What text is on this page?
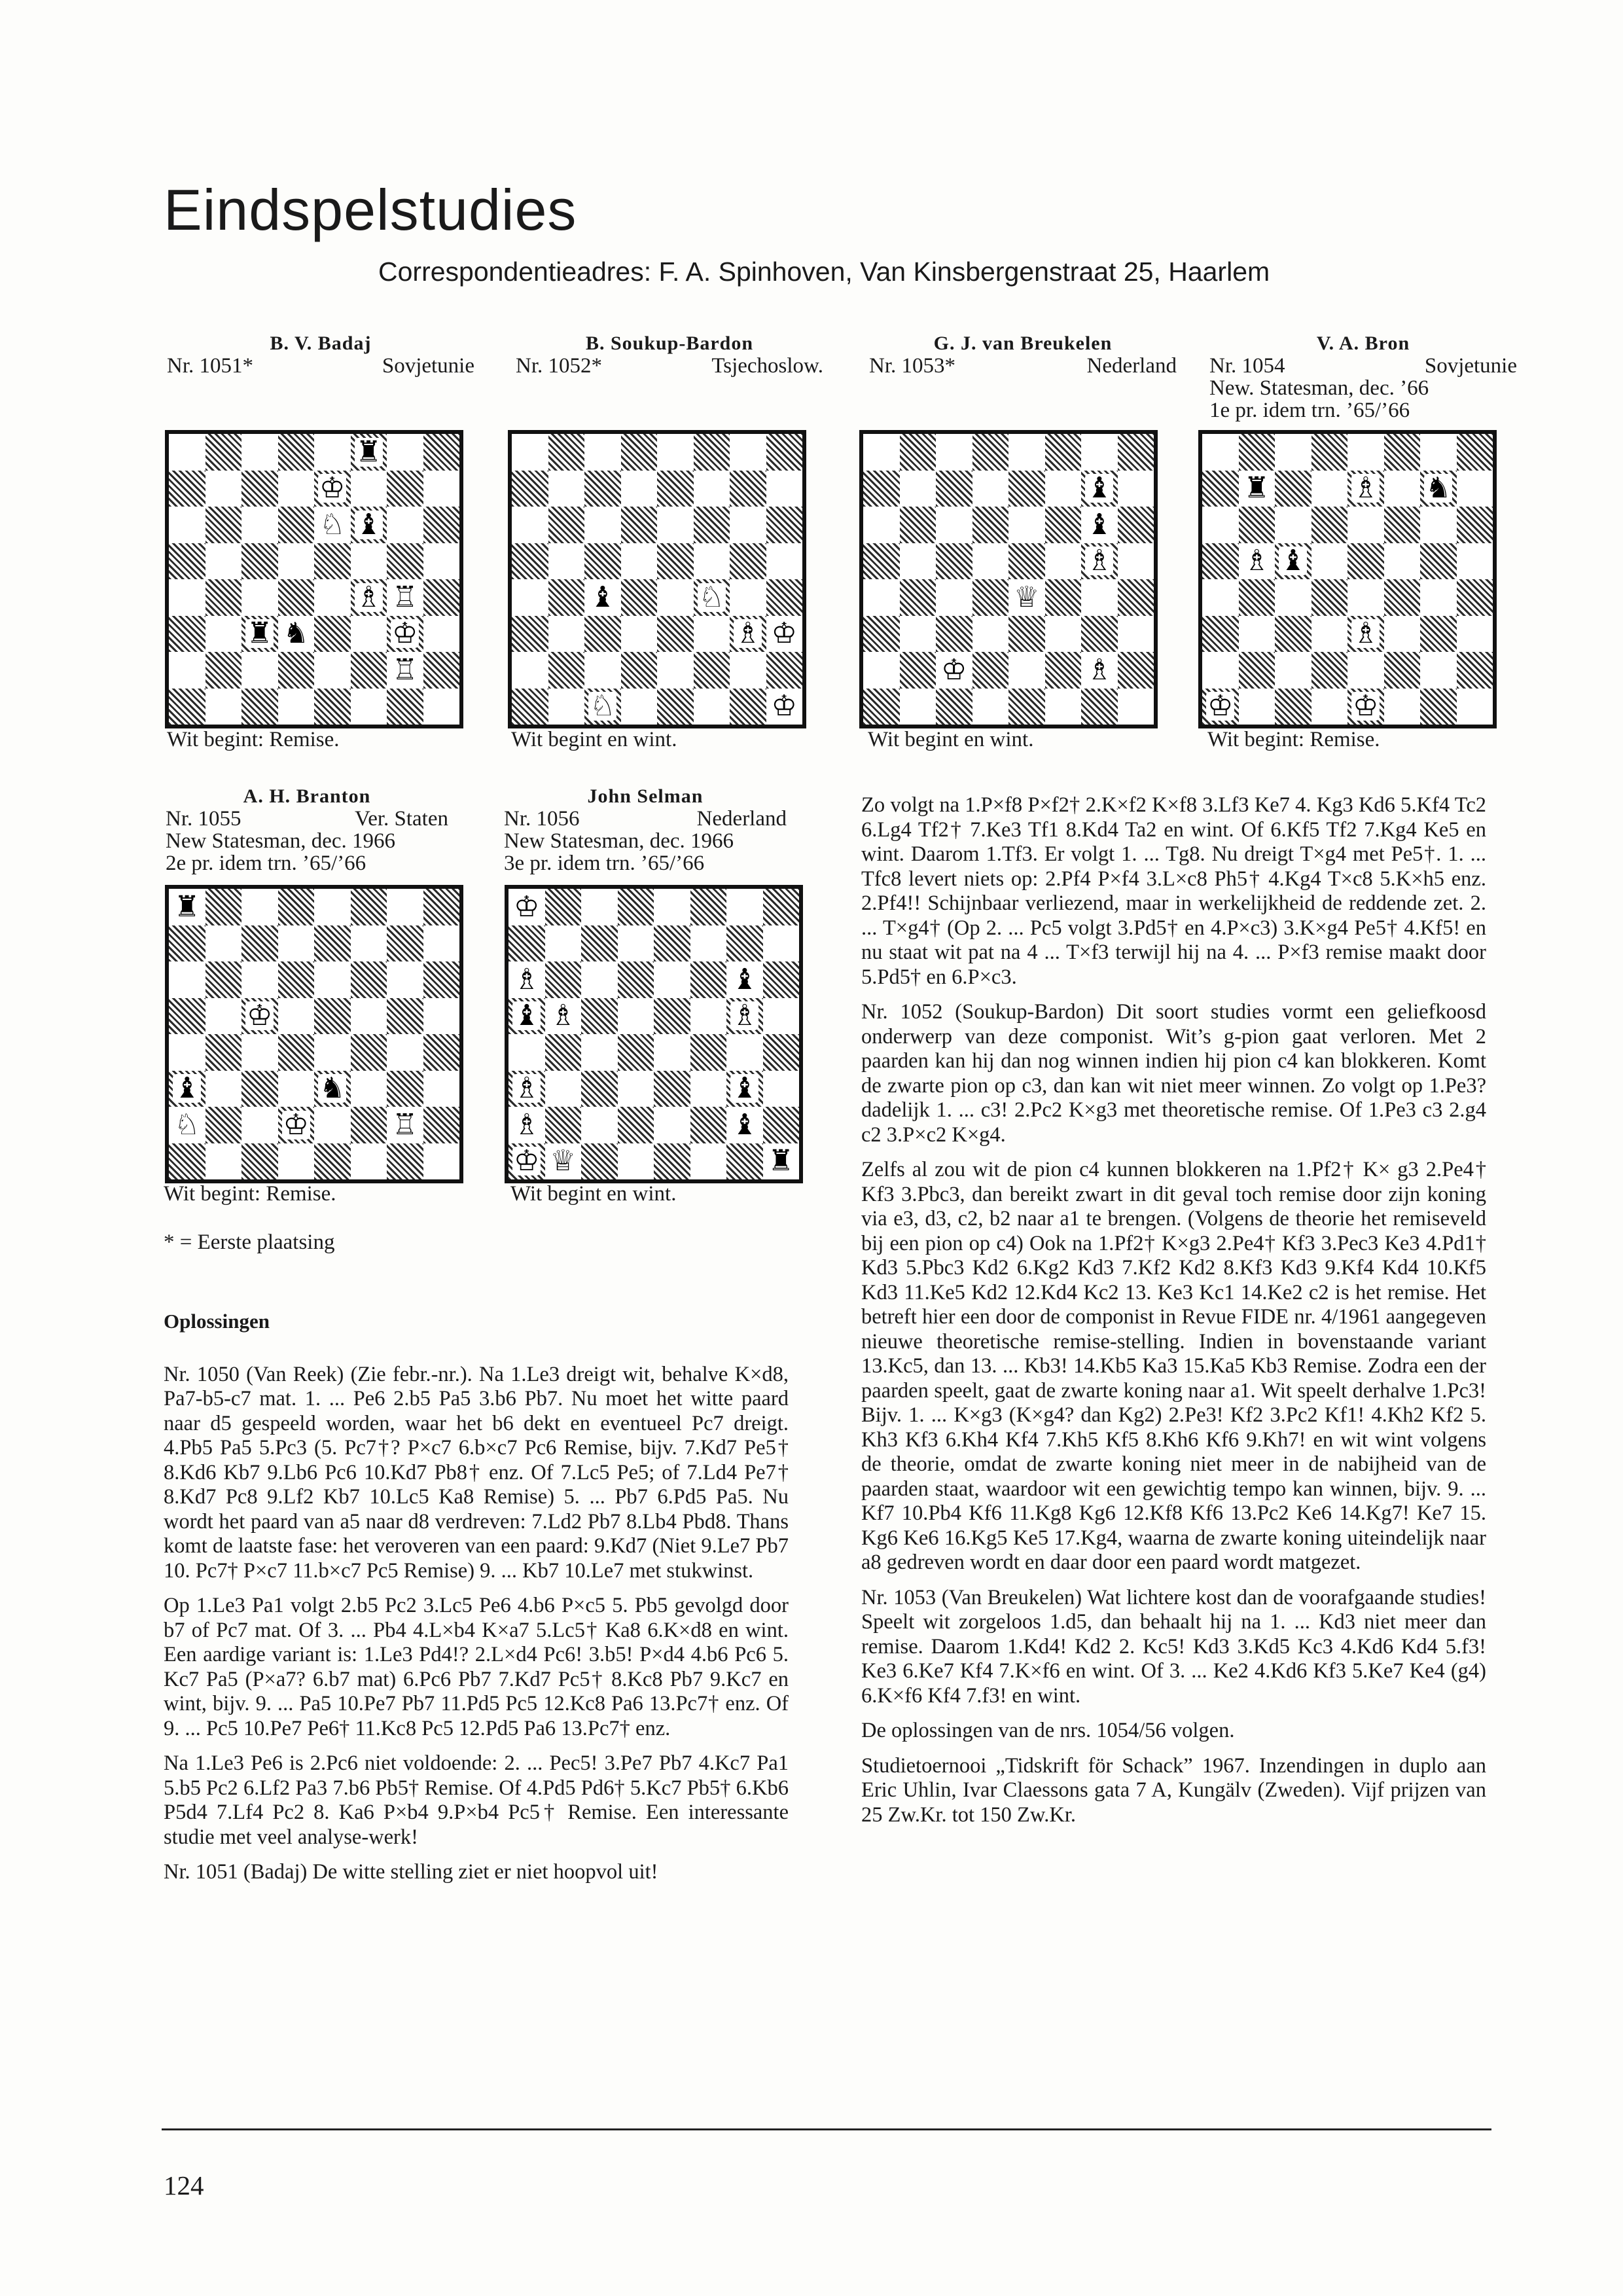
Eindspelstudies
Correspondentieadres: F. A. Spinhoven, Van Kinsbergenstraat 25, Haarlem
B. V. Badaj
Nr. 1051*	Sovjetunie
B. Soukup-Bardon
Nr. 1052*	Tsjechoslow.
G. J. van Breukelen
Nr. 1053*	Nederland
V. A. Bron
Nr. 1054	Sovjetunie
New. Statesman, dec. ’66
1e pr. idem trn. ’65/’66
A. H. Branton
Nr. 1055	Ver. Staten
New Statesman, dec. 1966
2e pr. idem trn. ’65/’66
John Selman
Nr. 1056	Nederland
New Statesman, dec. 1966
3e pr. idem trn. ’65/’66
♜
♔
♘ ♝
♗ ♖
♜ ♞	♔
♖
♝	♘
♗ ♔
♘	♔
♝
♝
♗
♕
♔	♗
♜	♗ ♞
♗ ♝
♗
♔	♔
♜
♔
♝	♞
♘	♔	♖
♔
♗	♝
♝ ♗	♗
♗	♝
♗	♝
♔ ♕	♜
Wit begint: Remise.	Wit begint en wint.	Wit begint en wint.	Wit begint: Remise.
Wit begint: Remise.	Wit begint en wint.
* = Eerste plaatsing
Oplossingen

Nr. 1050 (Van Reek) (Zie febr.-nr.). Na 1.Le3 dreigt wit, behalve K×d8, Pa7-b5-c7 mat. 1. ... Pe6 2.b5 Pa5 3.b6 Pb7. Nu moet het witte paard naar d5 gespeeld worden, waar het b6 dekt en eventueel Pc7 dreigt. 4.Pb5 Pa5 5.Pc3 (5. Pc7†? P×c7 6.b×c7 Pc6 Remise, bijv. 7.Kd7 Pe5† 8.Kd6 Kb7 9.Lb6 Pc6 10.Kd7 Pb8† enz. Of 7.Lc5 Pe5; of 7.Ld4 Pe7† 8.Kd7 Pc8 9.Lf2 Kb7 10.Lc5 Ka8 Remise) 5. ... Pb7 6.Pd5 Pa5. Nu wordt het paard van a5 naar d8 verdreven: 7.Ld2 Pb7 8.Lb4 Pbd8. Thans komt de laatste fase: het veroveren van een paard: 9.Kd7 (Niet 9.Le7 Pb7 10. Pc7† P×c7 11.b×c7 Pc5 Remise) 9. ... Kb7 10.Le7 met stukwinst.

Op 1.Le3 Pa1 volgt 2.b5 Pc2 3.Lc5 Pe6 4.b6 P×c5 5. Pb5 gevolgd door b7 of Pc7 mat. Of 3. ... Pb4 4.L×b4 K×a7 5.Lc5† Ka8 6.K×d8 en wint. Een aardige variant is: 1.Le3 Pd4!? 2.L×d4 Pc6! 3.b5! P×d4 4.b6 Pc6 5. Kc7 Pa5 (P×a7? 6.b7 mat) 6.Pc6 Pb7 7.Kd7 Pc5† 8.Kc8 Pb7 9.Kc7 en wint, bijv. 9. ... Pa5 10.Pe7 Pb7 11.Pd5 Pc5 12.Kc8 Pa6 13.Pc7† enz. Of 9. ... Pc5 10.Pe7 Pe6† 11.Kc8 Pc5 12.Pd5 Pa6 13.Pc7† enz.

Na 1.Le3 Pe6 is 2.Pc6 niet voldoende: 2. ... Pec5! 3.Pe7 Pb7 4.Kc7 Pa1 5.b5 Pc2 6.Lf2 Pa3 7.b6 Pb5† Remise. Of 4.Pd5 Pd6† 5.Kc7 Pb5† 6.Kb6 P5d4 7.Lf4 Pc2 8. Ka6 P×b4 9.P×b4 Pc5† Remise. Een interessante studie met veel analyse-werk!

Nr. 1051 (Badaj) De witte stelling ziet er niet hoopvol uit!

Zo volgt na 1.P×f8 P×f2† 2.K×f2 K×f8 3.Lf3 Ke7 4. Kg3 Kd6 5.Kf4 Tc2 6.Lg4 Tf2† 7.Ke3 Tf1 8.Kd4 Ta2 en wint. Of 6.Kf5 Tf2 7.Kg4 Ke5 en wint. Daarom 1.Tf3. Er volgt 1. ... Tg8. Nu dreigt T×g4 met Pe5†. 1. ... Tfc8 levert niets op: 2.Pf4 P×f4 3.L×c8 Ph5† 4.Kg4 T×c8 5.K×h5 enz. 2.Pf4!! Schijnbaar verliezend, maar in werkelijkheid de reddende zet. 2. ... T×g4† (Op 2. ... Pc5 volgt 3.Pd5† en 4.P×c3) 3.K×g4 Pe5† 4.Kf5! en nu staat wit pat na 4 ... T×f3 terwijl hij na 4. ... P×f3 remise maakt door 5.Pd5† en 6.P×c3.

Nr. 1052 (Soukup-Bardon) Dit soort studies vormt een geliefkoosd onderwerp van deze componist. Wit’s g-pion gaat verloren. Met 2 paarden kan hij dan nog winnen indien hij pion c4 kan blokkeren. Komt de zwarte pion op c3, dan kan wit niet meer winnen. Zo volgt op 1.Pe3? dadelijk 1. ... c3! 2.Pc2 K×g3 met theoretische remise. Of 1.Pe3 c3 2.g4 c2 3.P×c2 K×g4.

Zelfs al zou wit de pion c4 kunnen blokkeren na 1.Pf2† K× g3 2.Pe4† Kf3 3.Pbc3, dan bereikt zwart in dit geval toch remise door zijn koning via e3, d3, c2, b2 naar a1 te brengen. (Volgens de theorie het remiseveld bij een pion op c4) Ook na 1.Pf2† K×g3 2.Pe4† Kf3 3.Pec3 Ke3 4.Pd1† Kd3 5.Pbc3 Kd2 6.Kg2 Kd3 7.Kf2 Kd2 8.Kf3 Kd3 9.Kf4 Kd4 10.Kf5 Kd3 11.Ke5 Kd2 12.Kd4 Kc2 13. Ke3 Kc1 14.Ke2 c2 is het remise. Het betreft hier een door de componist in Revue FIDE nr. 4/1961 aangegeven nieuwe theoretische remise-stelling. Indien in bovenstaande variant 13.Kc5, dan 13. ... Kb3! 14.Kb5 Ka3 15.Ka5 Kb3 Remise. Zodra een der paarden speelt, gaat de zwarte koning naar a1. Wit speelt derhalve 1.Pc3! Bijv. 1. ... K×g3 (K×g4? dan Kg2) 2.Pe3! Kf2 3.Pc2 Kf1! 4.Kh2 Kf2 5. Kh3 Kf3 6.Kh4 Kf4 7.Kh5 Kf5 8.Kh6 Kf6 9.Kh7! en wit wint volgens de theorie, omdat de zwarte koning niet meer in de nabijheid van de paarden staat, waardoor wit een gewichtig tempo kan winnen, bijv. 9. ... Kf7 10.Pb4 Kf6 11.Kg8 Kg6 12.Kf8 Kf6 13.Pc2 Ke6 14.Kg7! Ke7 15. Kg6 Ke6 16.Kg5 Ke5 17.Kg4, waarna de zwarte koning uiteindelijk naar a8 gedreven wordt en daar door een paard wordt matgezet.

Nr. 1053 (Van Breukelen) Wat lichtere kost dan de voorafgaande studies! Speelt wit zorgeloos 1.d5, dan behaalt hij na 1. ... Kd3 niet meer dan remise. Daarom 1.Kd4! Kd2 2. Kc5! Kd3 3.Kd5 Kc3 4.Kd6 Kd4 5.f3! Ke3 6.Ke7 Kf4 7.K×f6 en wint. Of 3. ... Ke2 4.Kd6 Kf3 5.Ke7 Ke4 (g4) 6.K×f6 Kf4 7.f3! en wint.

De oplossingen van de nrs. 1054/56 volgen.

Studietoernooi „Tidskrift för Schack” 1967. Inzendingen in duplo aan Eric Uhlin, Ivar Claessons gata 7 A, Kungälv (Zweden). Vijf prijzen van 25 Zw.Kr. tot 150 Zw.Kr.

124
